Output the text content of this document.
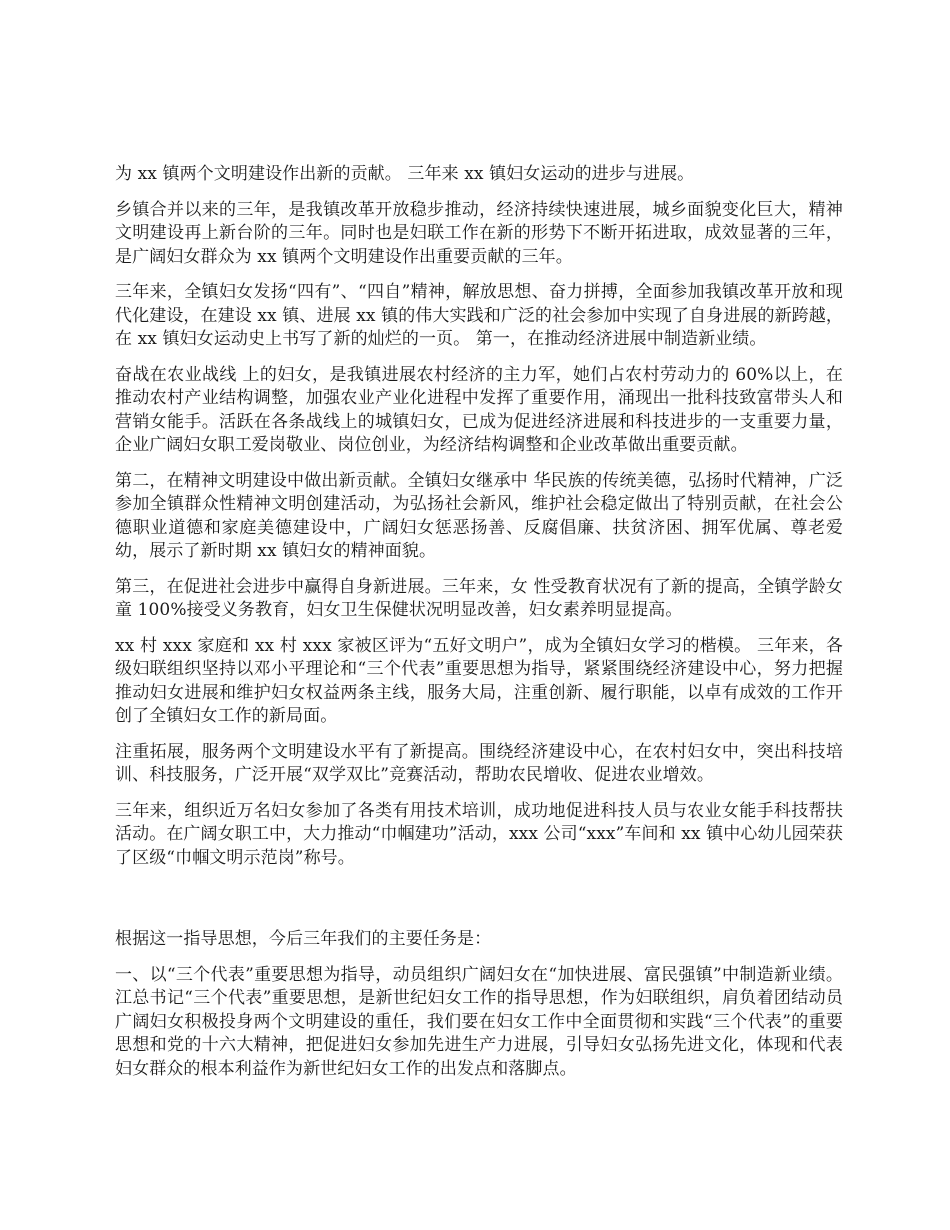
为 xx 镇两个文明建设作出新的贡献。 三年来 xx 镇妇女运动的进步与进展。

乡镇合并以来的三年，是我镇改革开放稳步推动，经济持续快速进展，城乡面貌变化巨大，精神文明建设再上新台阶的三年。同时也是妇联工作在新的形势下不断开拓进取，成效显著的三年，是广阔妇女群众为 xx 镇两个文明建设作出重要贡献的三年。

三年来，全镇妇女发扬“四有”、“四自”精神，解放思想、奋力拼搏，全面参加我镇改革开放和现代化建设，在建设 xx 镇、进展 xx 镇的伟大实践和广泛的社会参加中实现了自身进展的新跨越，在 xx 镇妇女运动史上书写了新的灿烂的一页。 第一，在推动经济进展中制造新业绩。

奋战在农业战线 上的妇女，是我镇进展农村经济的主力军，她们占农村劳动力的 60%以上，在推动农村产业结构调整，加强农业产业化进程中发挥了重要作用，涌现出一批科技致富带头人和营销女能手。活跃在各条战线上的城镇妇女，已成为促进经济进展和科技进步的一支重要力量，企业广阔妇女职工爱岗敬业、岗位创业，为经济结构调整和企业改革做出重要贡献。

第二，在精神文明建设中做出新贡献。全镇妇女继承中 华民族的传统美德，弘扬时代精神，广泛参加全镇群众性精神文明创建活动，为弘扬社会新风，维护社会稳定做出了特别贡献，在社会公德职业道德和家庭美德建设中，广阔妇女惩恶扬善、反腐倡廉、扶贫济困、拥军优属、尊老爱幼，展示了新时期 xx 镇妇女的精神面貌。

第三，在促进社会进步中赢得自身新进展。三年来，女 性受教育状况有了新的提高，全镇学龄女童 100%接受义务教育，妇女卫生保健状况明显改善，妇女素养明显提高。

xx 村 xxx 家庭和 xx 村 xxx 家被区评为“五好文明户”，成为全镇妇女学习的楷模。 三年来，各级妇联组织坚持以邓小平理论和“三个代表”重要思想为指导，紧紧围绕经济建设中心，努力把握推动妇女进展和维护妇女权益两条主线，服务大局，注重创新、履行职能，以卓有成效的工作开创了全镇妇女工作的新局面。

注重拓展，服务两个文明建设水平有了新提高。围绕经济建设中心，在农村妇女中，突出科技培训、科技服务，广泛开展“双学双比”竞赛活动，帮助农民增收、促进农业增效。

三年来，组织近万名妇女参加了各类有用技术培训，成功地促进科技人员与农业女能手科技帮扶活动。在广阔女职工中，大力推动“巾帼建功”活动，xxx 公司“xxx”车间和 xx 镇中心幼儿园荣获了区级“巾帼文明示范岗”称号。

根据这一指导思想，今后三年我们的主要任务是：

一、以“三个代表”重要思想为指导，动员组织广阔妇女在“加快进展、富民强镇”中制造新业绩。 江总书记“三个代表”重要思想，是新世纪妇女工作的指导思想，作为妇联组织，肩负着团结动员广阔妇女积极投身两个文明建设的重任，我们要在妇女工作中全面贯彻和实践“三个代表”的重要思想和党的十六大精神，把促进妇女参加先进生产力进展，引导妇女弘扬先进文化，体现和代表妇女群众的根本利益作为新世纪妇女工作的出发点和落脚点。
